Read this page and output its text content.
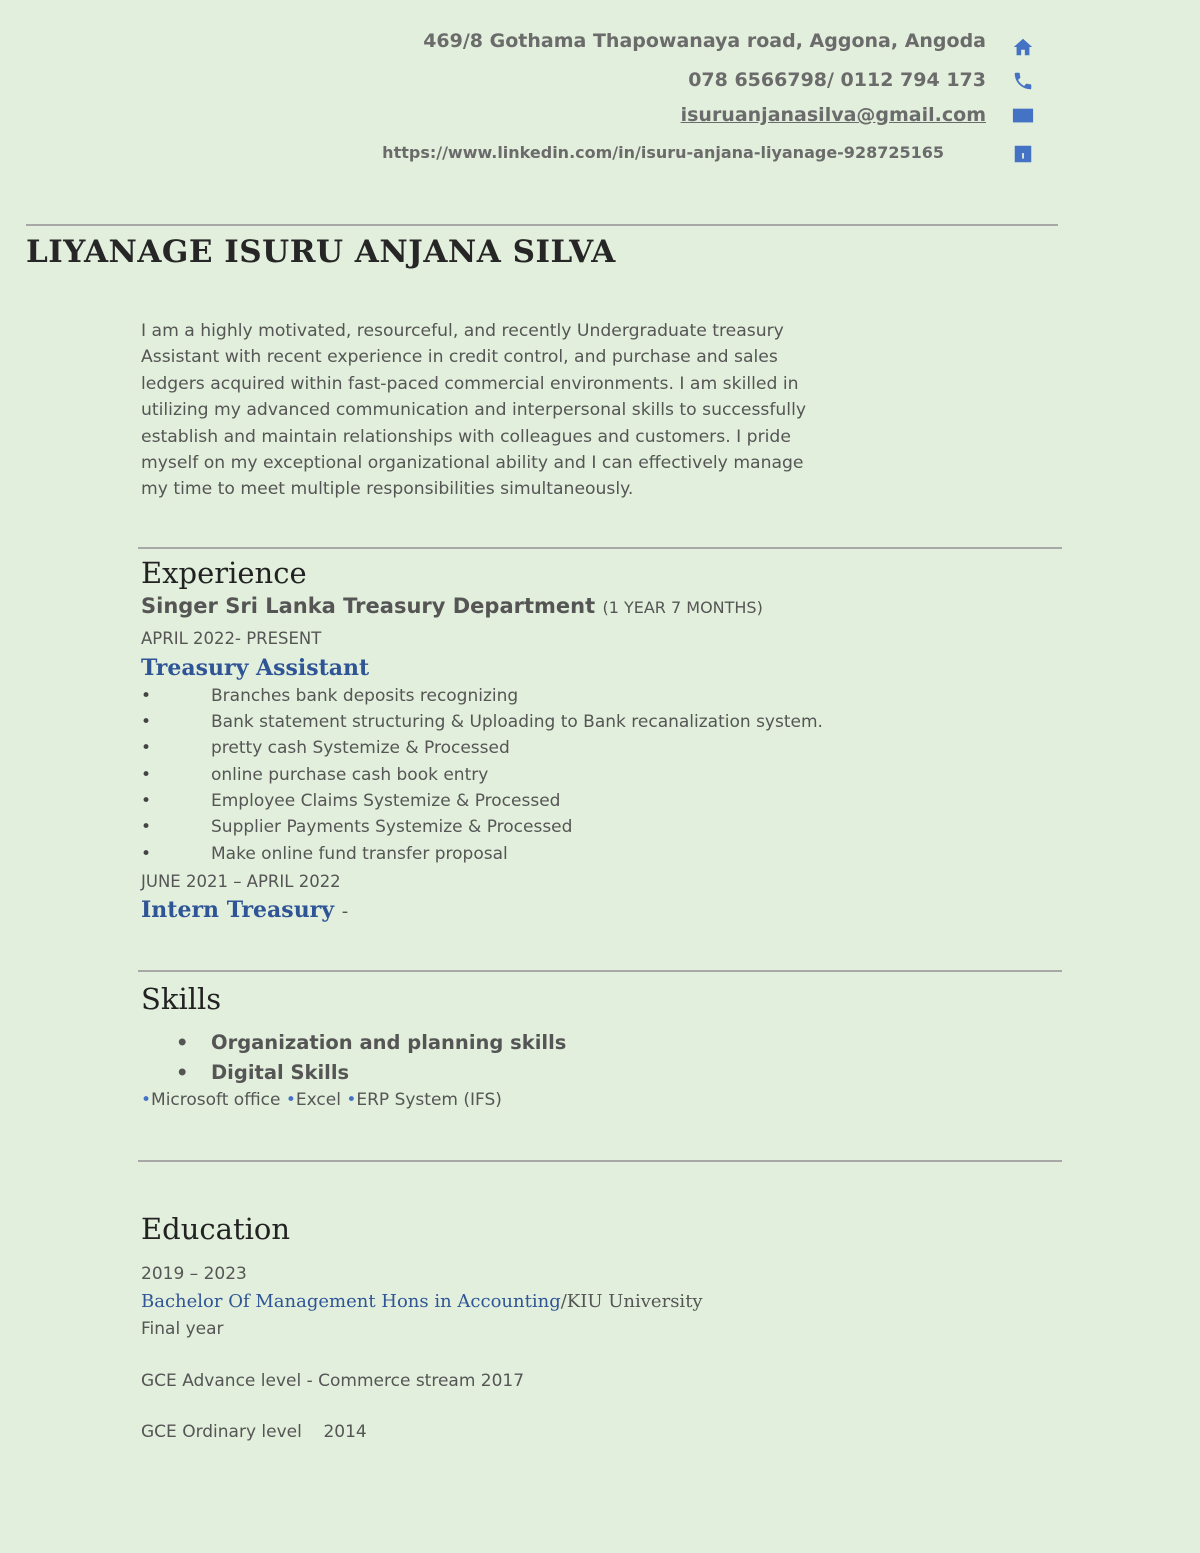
469/8 Gothama Thapowanaya road, Aggona, Angoda
078 6566798/ 0112 794 173
isuruanjanasilva@gmail.com
https://www.linkedin.com/in/isuru-anjana-liyanage-928725165
LIYANAGE ISURU ANJANA SILVA
I am a highly motivated, resourceful, and recently Undergraduate treasury Assistant with recent experience in credit control, and purchase and sales ledgers acquired within fast-paced commercial environments. I am skilled in utilizing my advanced communication and interpersonal skills to successfully establish and maintain relationships with colleagues and customers. I pride myself on my exceptional organizational ability and I can effectively manage my time to meet multiple responsibilities simultaneously.
Experience
Singer Sri Lanka Treasury Department (1 YEAR 7 MONTHS)
APRIL 2022- PRESENT
Treasury Assistant
•	Branches bank deposits recognizing
•	Bank statement structuring & Uploading to Bank recanalization system.
•	pretty cash Systemize & Processed
•	online purchase cash book entry
•	Employee Claims Systemize & Processed
•	Supplier Payments Systemize & Processed
•	Make online fund transfer proposal
JUNE 2021 – APRIL 2022
Intern Treasury -
Skills
• Organization and planning skills
• Digital Skills
•Microsoft office •Excel •ERP System (IFS)
Education
2019 – 2023
Bachelor Of Management Hons in Accounting/KIU University
Final year
GCE Advance level - Commerce stream 2017
GCE Ordinary level    2014
